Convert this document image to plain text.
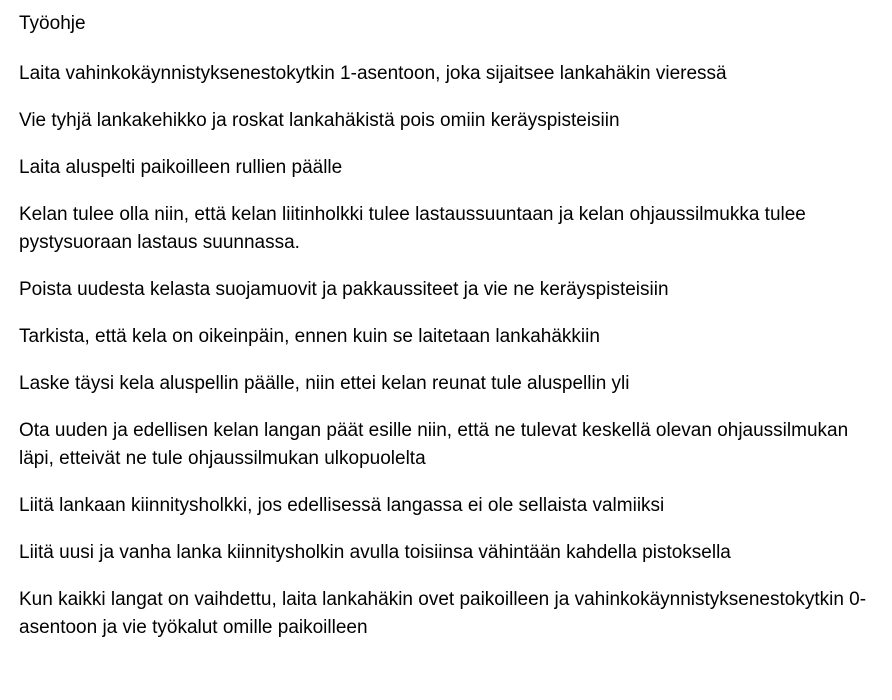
Työohje
Laita vahinkokäynnistyksenestokytkin 1-asentoon, joka sijaitsee lankahäkin vieressä
Vie tyhjä lankakehikko ja roskat lankahäkistä pois omiin keräyspisteisiin
Laita aluspelti paikoilleen rullien päälle
Kelan tulee olla niin, että kelan liitinholkki tulee lastaussuuntaan ja kelan ohjaussilmukka tulee pystysuoraan lastaus suunnassa.
Poista uudesta kelasta suojamuovit ja pakkaussiteet ja vie ne keräyspisteisiin
Tarkista, että kela on oikeinpäin, ennen kuin se laitetaan lankahäkkiin
Laske täysi kela aluspellin päälle, niin ettei kelan reunat tule aluspellin yli
Ota uuden ja edellisen kelan langan päät esille niin, että ne tulevat keskellä olevan ohjaussilmukan läpi, etteivät ne tule ohjaussilmukan ulkopuolelta
Liitä lankaan kiinnitysholkki, jos edellisessä langassa ei ole sellaista valmiiksi
Liitä uusi ja vanha lanka kiinnitysholkin avulla toisiinsa vähintään kahdella pistoksella
Kun kaikki langat on vaihdettu, laita lankahäkin ovet paikoilleen ja vahinkokäynnistyksenestokytkin 0-asentoon ja vie työkalut omille paikoilleen
